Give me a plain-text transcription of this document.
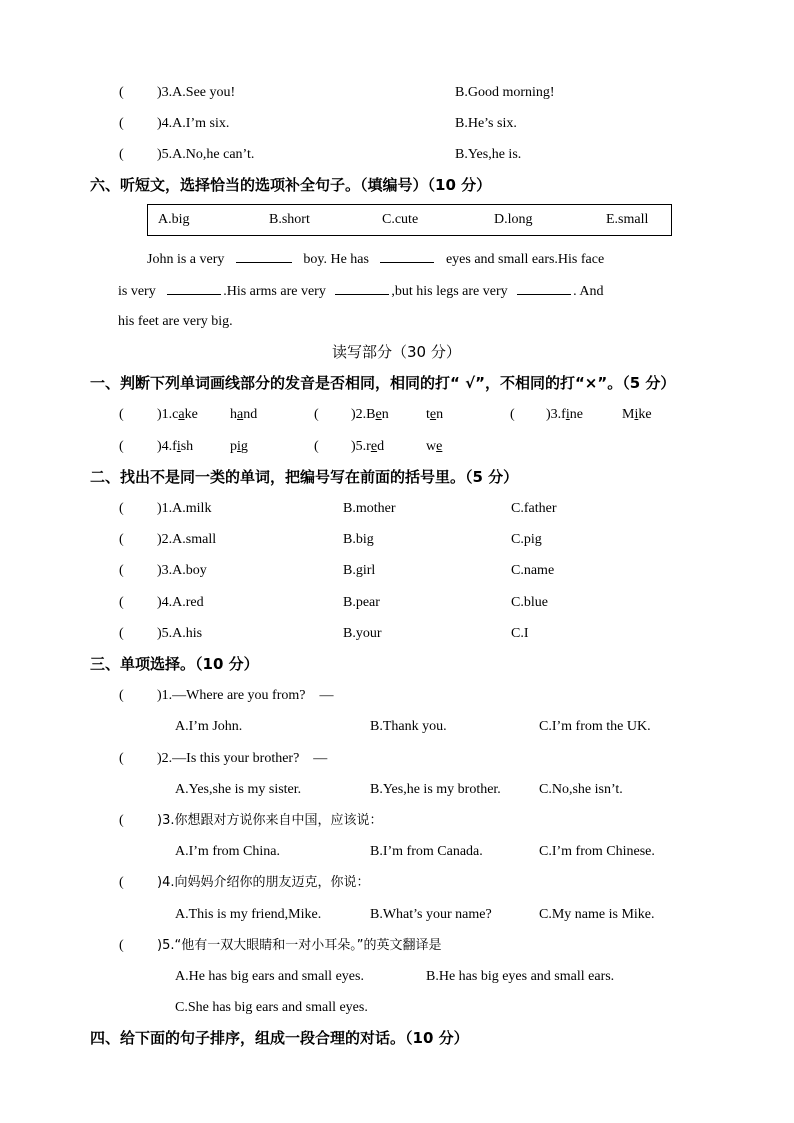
( )3.A.See you!	B.Good morning!
( )4.A.I’m six.	B.He’s six.
( )5.A.No,he can’t.	B.Yes,he is.
六、听短文，选择恰当的选项补全句子。（填编号）（10 分）
A.big	B.short	C.cute	D.long	E.small
John is a very	boy. He has	eyes and small ears.His face
is very	.His arms are very	,but his legs are very	. And
his feet are very big.
读写部分（30 分）
一、判断下列单词画线部分的发音是否相同，相同的打“ √”，不相同的打“×”。（5 分）
( )1.cake hand	( )2.Ben	ten	( )3.fine	Mike
( )4.fish	pig	( )5.red	we
二、找出不是同一类的单词，把编号写在前面的括号里。（5 分）
( )1.A.milk	B.mother	C.father
( )2.A.small	B.big	C.pig
( )3.A.boy	B.girl	C.name
( )4.A.red	B.pear	C.blue
( )5.A.his	B.your	C.I
三、单项选择。（10 分）
( )1.—Where are you from?　—
A.I’m John.	B.Thank you.	C.I’m from the UK.
( )2.—Is this your brother?　—
A.Yes,she is my sister.	B.Yes,he is my brother.	C.No,she isn’t.
(	)3.你想跟对方说你来自中国，应该说：
A.I’m from China.	B.I’m from Canada.	C.I’m from Chinese.
(	)4.向妈妈介绍你的朋友迈克，你说：
A.This is my friend,Mike.	B.What’s your name?	C.My name is Mike.
(	)5.“他有一双大眼睛和一对小耳朵。”的英文翻译是
A.He has big ears and small eyes.	B.He has big eyes and small ears.
C.She has big ears and small eyes.
四、给下面的句子排序，组成一段合理的对话。（10 分）
